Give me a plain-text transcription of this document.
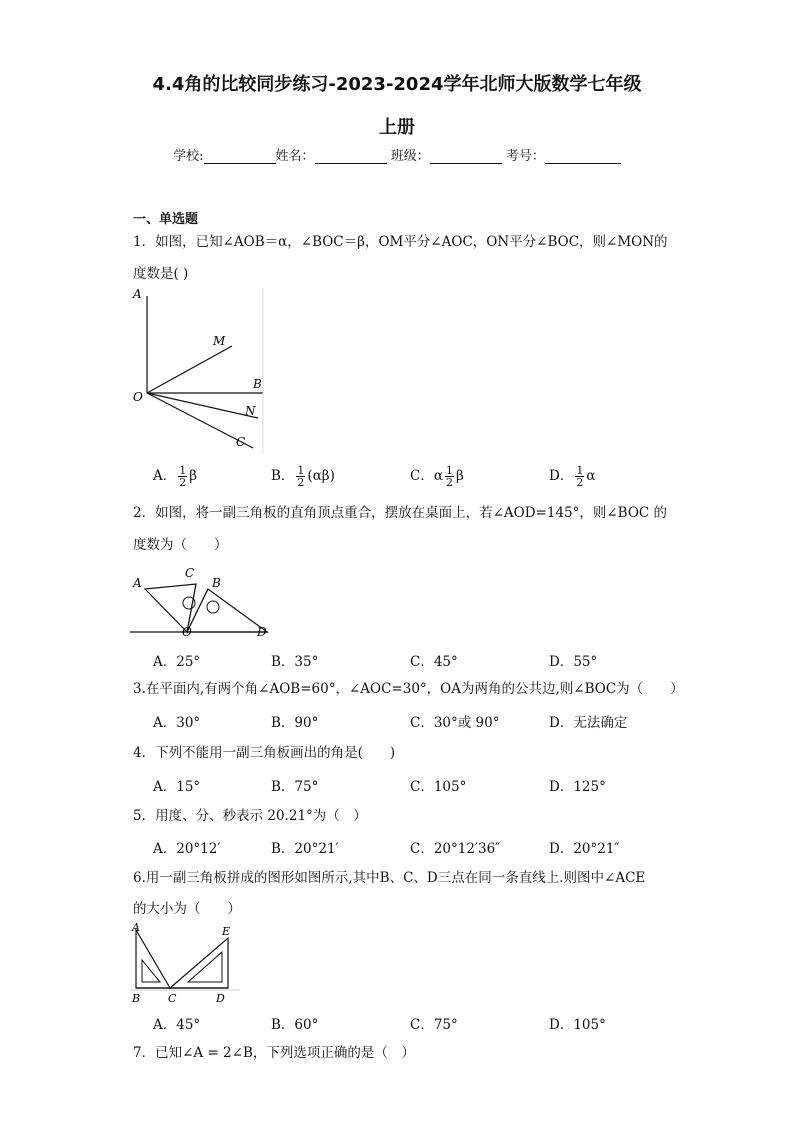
4.4角的比较同步练习-2023-2024学年北师大版数学七年级
上册
学校:	姓名：	班级：	考号：
一、单选题
1．如图，已知∠AOB＝α，∠BOC＝β，OM平分∠AOC，ON平分∠BOC，则∠MON的
度数是( )
A
M
B
O
N
C
A． $\frac{1}{2}$ β	B． $\frac{1}{2} (\alpha\beta)$	C．α $\frac{1}{2}$ β	D． $\frac{1}{2}$ α
2．如图，将一副三角板的直角顶点重合，摆放在桌面上，若∠AOD=145°，则∠BOC 的
度数为（　　）
A
C
B
O	D
A．25°	B．35°	C．45°	D．55°
3.在平面内,有两个角∠AOB=60°，∠AOC=30°，OA为两角的公共边,则∠BOC为（　　）
A．30°	B．90°	C．30°或 90°	D．无法确定
4．下列不能用一副三角板画出的角是(　　)
A．15°	B．75°	C．105°	D．125°
5．用度、分、秒表示 20.21°为（　）
A．20°12′	B．20°21′	C．20°12′36″	D．20°21″
6.用一副三角板拼成的图形如图所示,其中B、C、D三点在同一条直线上.则图中∠ACE
的大小为（　　）
A	E
B	C	D
A．45°	B．60°	C．75°	D．105°
7．已知∠A = 2∠B，下列选项正确的是（　）
